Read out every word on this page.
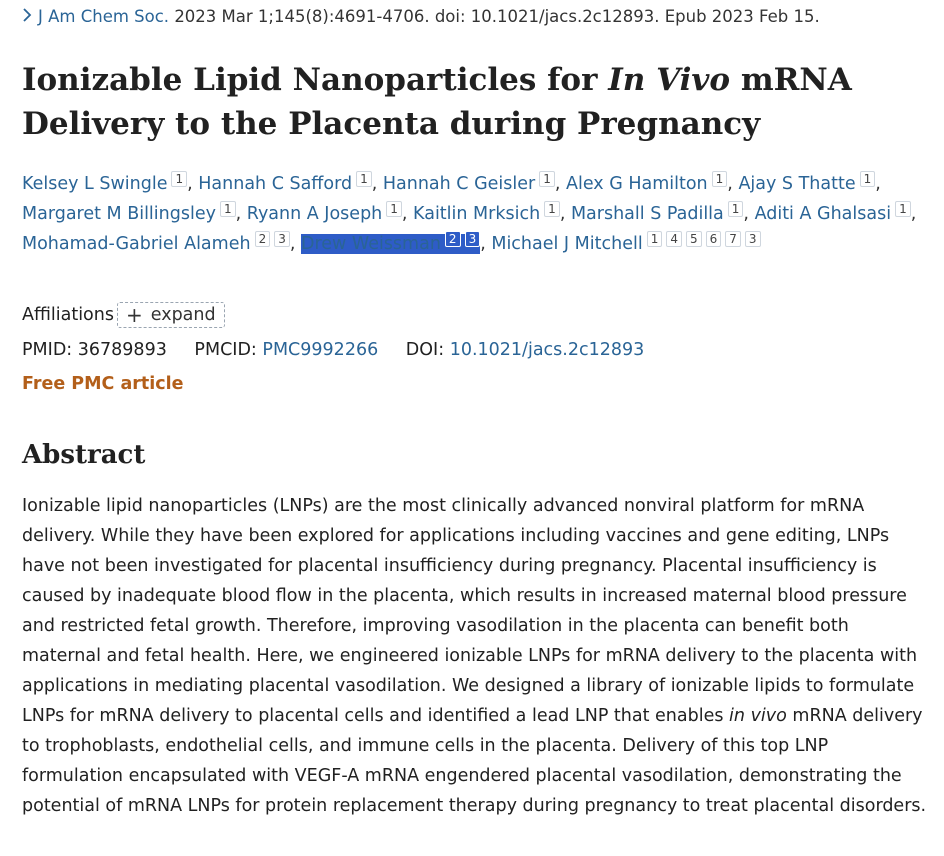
J Am Chem Soc. 2023 Mar 1;145(8):4691-4706. doi: 10.1021/jacs.2c12893. Epub 2023 Feb 15.
Ionizable Lipid Nanoparticles for In Vivo mRNA Delivery to the Placenta during Pregnancy
Kelsey L Swingle 1 , Hannah C Safford 1 , Hannah C Geisler 1 , Alex G Hamilton 1 , Ajay S Thatte 1 , Margaret M Billingsley 1 , Ryann A Joseph 1 , Kaitlin Mrksich 1 , Marshall S Padilla 1 , Aditi A Ghalsasi 1 , Mohamad-Gabriel Alameh 2 3 , Drew Weissman 2 3 , Michael J Mitchell 1 4 5 6 7 3
Affiliations + expand
PMID: 36789893 PMCID: PMC9992266 DOI: 10.1021/jacs.2c12893
Free PMC article
Abstract

Ionizable lipid nanoparticles (LNPs) are the most clinically advanced nonviral platform for mRNA delivery. While they have been explored for applications including vaccines and gene editing, LNPs have not been investigated for placental insufficiency during pregnancy. Placental insufficiency is caused by inadequate blood flow in the placenta, which results in increased maternal blood pressure and restricted fetal growth. Therefore, improving vasodilation in the placenta can benefit both maternal and fetal health. Here, we engineered ionizable LNPs for mRNA delivery to the placenta with applications in mediating placental vasodilation. We designed a library of ionizable lipids to formulate LNPs for mRNA delivery to placental cells and identified a lead LNP that enables in vivo mRNA delivery to trophoblasts, endothelial cells, and immune cells in the placenta. Delivery of this top LNP formulation encapsulated with VEGF-A mRNA engendered placental vasodilation, demonstrating the potential of mRNA LNPs for protein replacement therapy during pregnancy to treat placental disorders.
